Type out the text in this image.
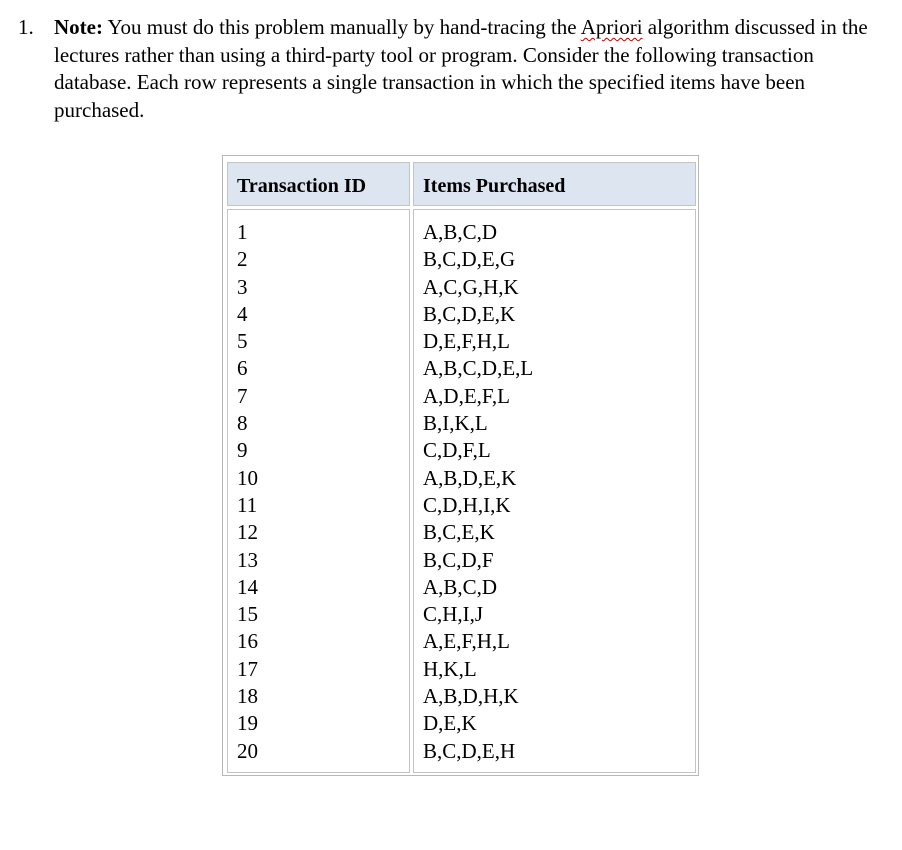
1. Note: You must do this problem manually by hand-tracing the Apriori algorithm discussed in the lectures rather than using a third-party tool or program. Consider the following transaction database. Each row represents a single transaction in which the specified items have been purchased.
Transaction ID	Items Purchased
1
2
3
4
5
6
7
8
9
10
11
12
13
14
15
16
17
18
19
20
A,B,C,D
B,C,D,E,G
A,C,G,H,K
B,C,D,E,K
D,E,F,H,L
A,B,C,D,E,L
A,D,E,F,L
B,I,K,L
C,D,F,L
A,B,D,E,K
C,D,H,I,K
B,C,E,K
B,C,D,F
A,B,C,D
C,H,I,J
A,E,F,H,L
H,K,L
A,B,D,H,K
D,E,K
B,C,D,E,H
